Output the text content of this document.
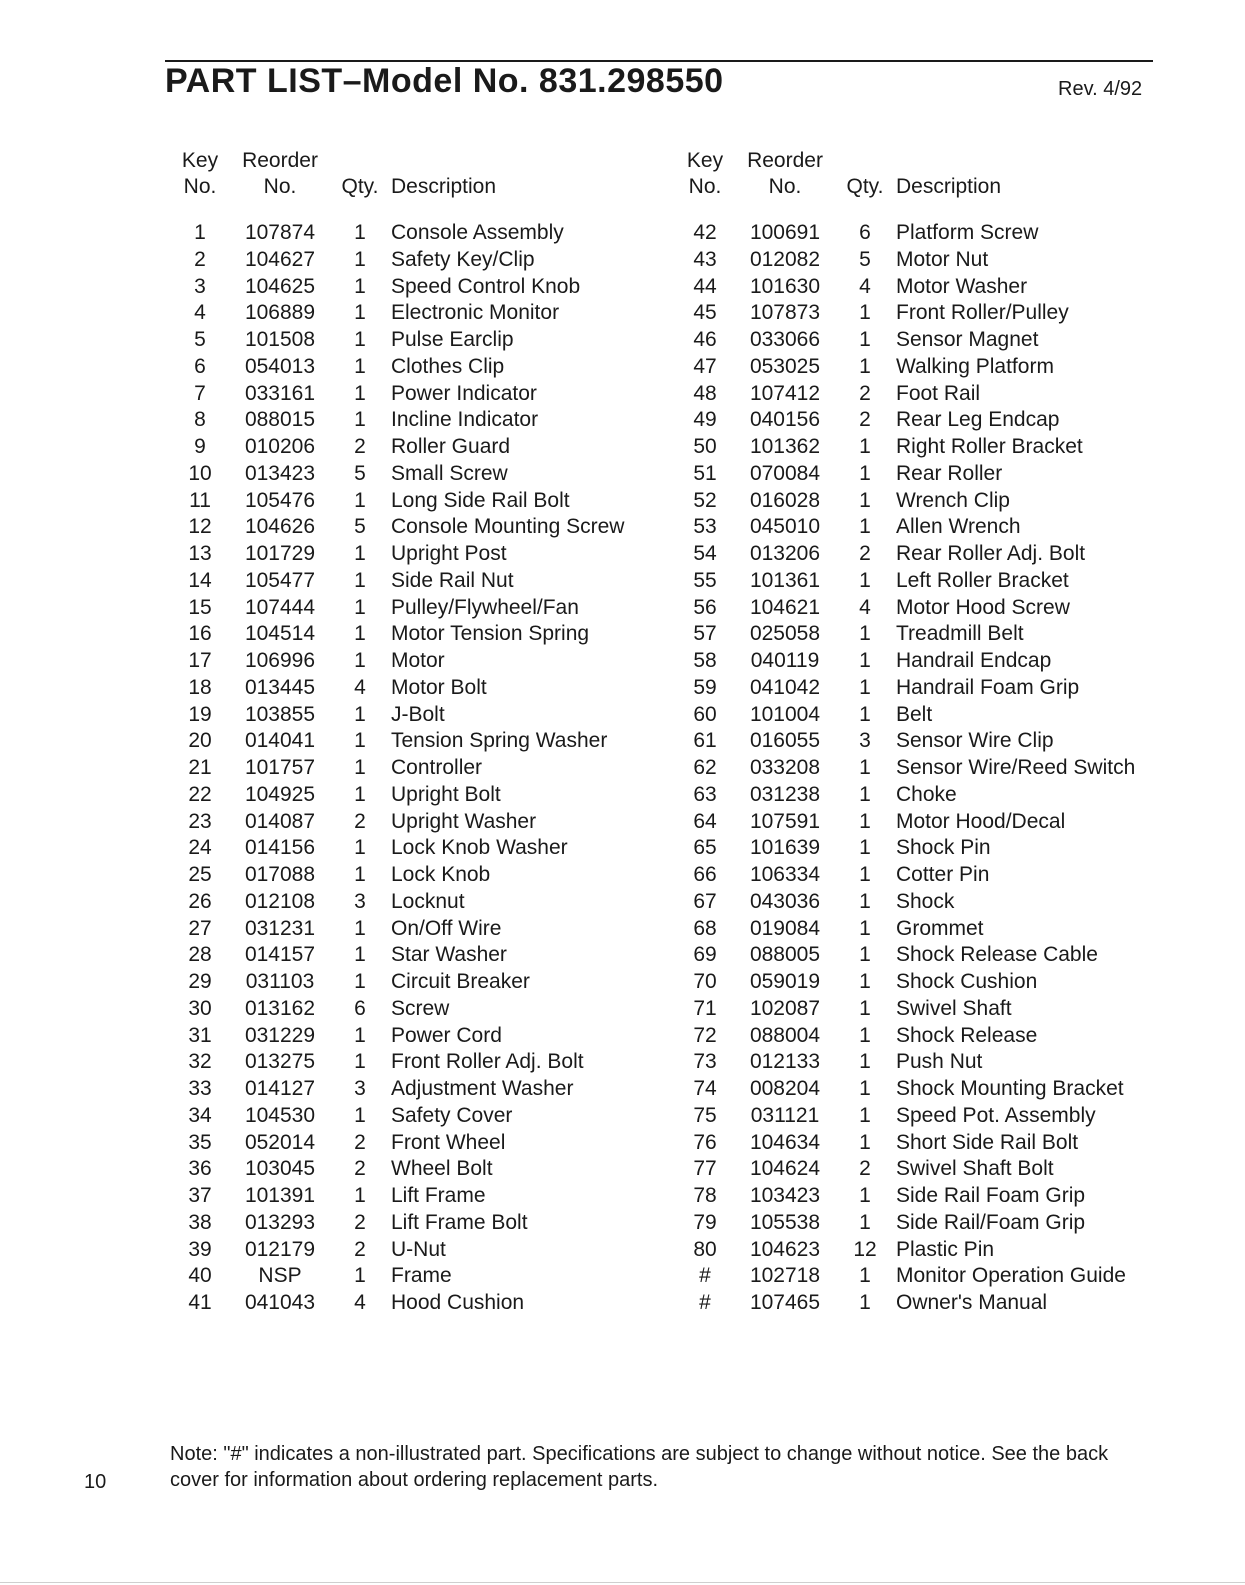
PART LIST–Model No. 831.298550	Rev. 4/92
Key
No.	Reorder
No.	Qty.	Description

1	107874	1	Console Assembly
2	104627	1	Safety Key/Clip
3	104625	1	Speed Control Knob
4	106889	1	Electronic Monitor
5	101508	1	Pulse Earclip
6	054013	1	Clothes Clip
7	033161	1	Power Indicator
8	088015	1	Incline Indicator
9	010206	2	Roller Guard
10	013423	5	Small Screw
11	105476	1	Long Side Rail Bolt
12	104626	5	Console Mounting Screw
13	101729	1	Upright Post
14	105477	1	Side Rail Nut
15	107444	1	Pulley/Flywheel/Fan
16	104514	1	Motor Tension Spring
17	106996	1	Motor
18	013445	4	Motor Bolt
19	103855	1	J-Bolt
20	014041	1	Tension Spring Washer
21	101757	1	Controller
22	104925	1	Upright Bolt
23	014087	2	Upright Washer
24	014156	1	Lock Knob Washer
25	017088	1	Lock Knob
26	012108	3	Locknut
27	031231	1	On/Off Wire
28	014157	1	Star Washer
29	031103	1	Circuit Breaker
30	013162	6	Screw
31	031229	1	Power Cord
32	013275	1	Front Roller Adj. Bolt
33	014127	3	Adjustment Washer
34	104530	1	Safety Cover
35	052014	2	Front Wheel
36	103045	2	Wheel Bolt
37	101391	1	Lift Frame
38	013293	2	Lift Frame Bolt
39	012179	2	U-Nut
40	NSP	1	Frame
41	041043	4	Hood Cushion
Key
No.	Reorder
No.	Qty.	Description

42	100691	6	Platform Screw
43	012082	5	Motor Nut
44	101630	4	Motor Washer
45	107873	1	Front Roller/Pulley
46	033066	1	Sensor Magnet
47	053025	1	Walking Platform
48	107412	2	Foot Rail
49	040156	2	Rear Leg Endcap
50	101362	1	Right Roller Bracket
51	070084	1	Rear Roller
52	016028	1	Wrench Clip
53	045010	1	Allen Wrench
54	013206	2	Rear Roller Adj. Bolt
55	101361	1	Left Roller Bracket
56	104621	4	Motor Hood Screw
57	025058	1	Treadmill Belt
58	040119	1	Handrail Endcap
59	041042	1	Handrail Foam Grip
60	101004	1	Belt
61	016055	3	Sensor Wire Clip
62	033208	1	Sensor Wire/Reed Switch
63	031238	1	Choke
64	107591	1	Motor Hood/Decal
65	101639	1	Shock Pin
66	106334	1	Cotter Pin
67	043036	1	Shock
68	019084	1	Grommet
69	088005	1	Shock Release Cable
70	059019	1	Shock Cushion
71	102087	1	Swivel Shaft
72	088004	1	Shock Release
73	012133	1	Push Nut
74	008204	1	Shock Mounting Bracket
75	031121	1	Speed Pot. Assembly
76	104634	1	Short Side Rail Bolt
77	104624	2	Swivel Shaft Bolt
78	103423	1	Side Rail Foam Grip
79	105538	1	Side Rail/Foam Grip
80	104623	12	Plastic Pin
#	102718	1	Monitor Operation Guide
#	107465	1	Owner's Manual
Note: "#" indicates a non-illustrated part. Specifications are subject to change without notice. See the back cover for information about ordering replacement parts.
10
